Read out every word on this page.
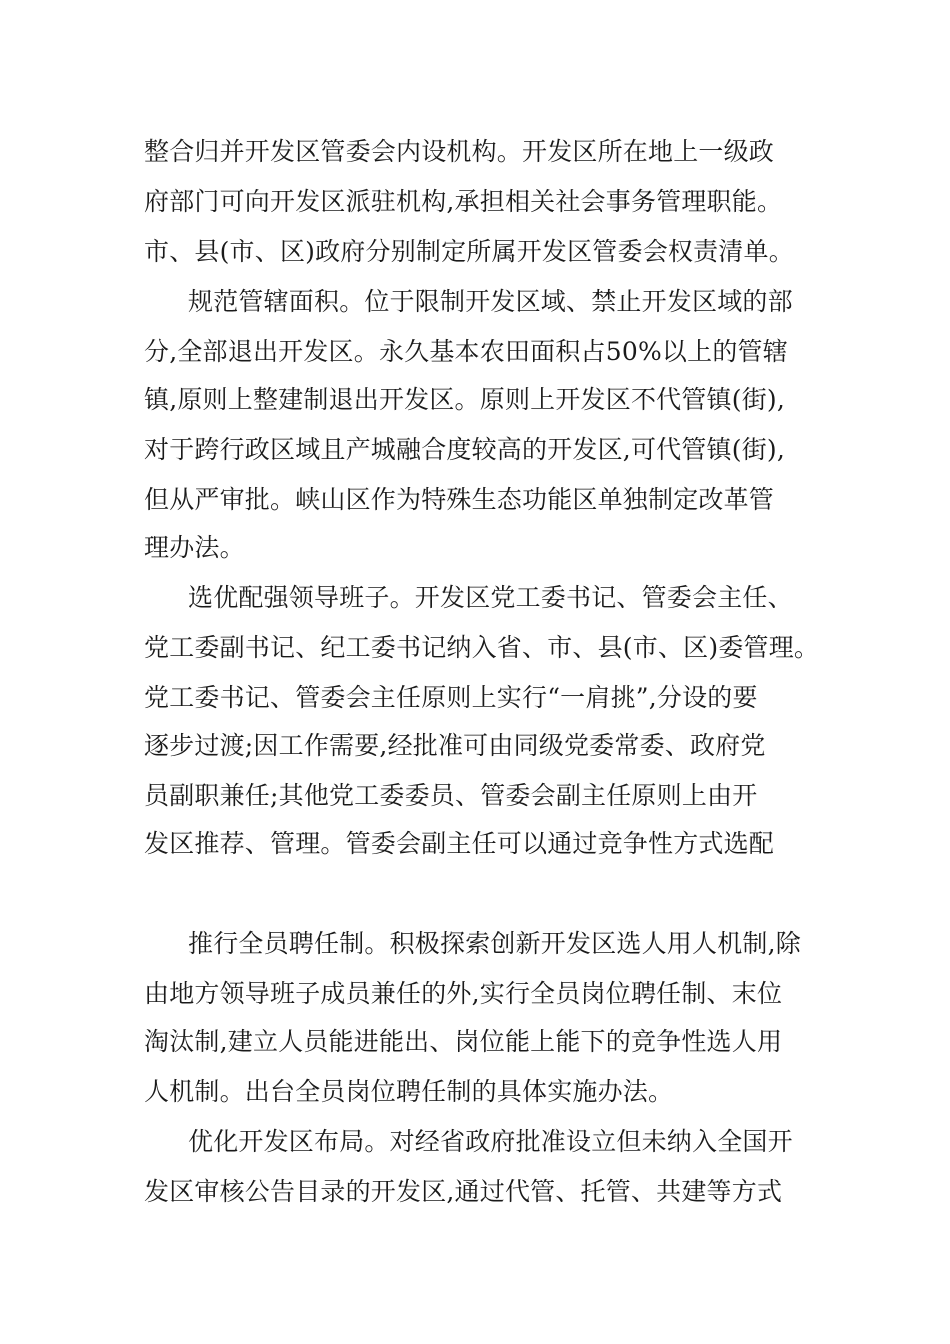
整合归并开发区管委会内设机构。开发区所在地上一级政
府部门可向开发区派驻机构,承担相关社会事务管理职能。
市、县(市、区)政府分别制定所属开发区管委会权责清单。
规范管辖面积。位于限制开发区域、禁止开发区域的部
分,全部退出开发区。永久基本农田面积占50%以上的管辖
镇,原则上整建制退出开发区。原则上开发区不代管镇(街),
对于跨行政区域且产城融合度较高的开发区,可代管镇(街),
但从严审批。峡山区作为特殊生态功能区单独制定改革管
理办法。
选优配强领导班子。开发区党工委书记、管委会主任、
党工委副书记、纪工委书记纳入省、市、县(市、区)委管理。
党工委书记、管委会主任原则上实行“一肩挑”,分设的要
逐步过渡;因工作需要,经批准可由同级党委常委、政府党
员副职兼任;其他党工委委员、管委会副主任原则上由开
发区推荐、管理。管委会副主任可以通过竞争性方式选配
推行全员聘任制。积极探索创新开发区选人用人机制,除
由地方领导班子成员兼任的外,实行全员岗位聘任制、末位
淘汰制,建立人员能进能出、岗位能上能下的竞争性选人用
人机制。出台全员岗位聘任制的具体实施办法。
优化开发区布局。对经省政府批准设立但未纳入全国开
发区审核公告目录的开发区,通过代管、托管、共建等方式
